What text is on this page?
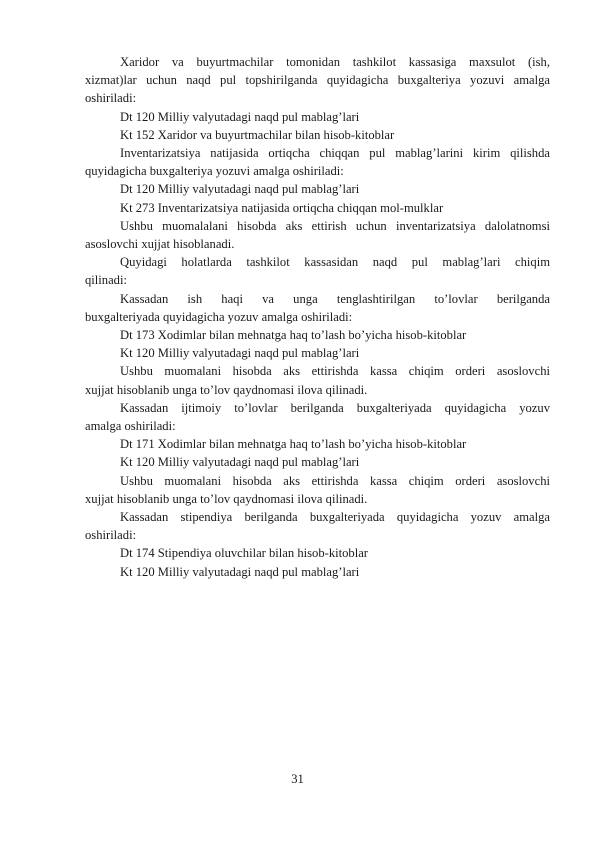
Xaridor va buyurtmachilar tomonidan tashkilot kassasiga maxsulot (ish,
xizmat)lar uchun naqd pul topshirilganda quyidagicha buxgalteriya yozuvi amalga
oshiriladi:
Dt 120 Milliy valyutadagi naqd pul mablag’lari
Kt 152 Xaridor va buyurtmachilar bilan hisob-kitoblar
Inventarizatsiya natijasida ortiqcha chiqqan pul mablag’larini kirim qilishda
quyidagicha buxgalteriya yozuvi amalga oshiriladi:
Dt 120 Milliy valyutadagi naqd pul mablag’lari
Kt 273 Inventarizatsiya natijasida ortiqcha chiqqan mol-mulklar
Ushbu muomalalani hisobda aks ettirish uchun inventarizatsiya dalolatnomsi
asoslovchi xujjat hisoblanadi.
Quyidagi holatlarda tashkilot kassasidan naqd pul mablag’lari chiqim
qilinadi:
Kassadan ish haqi va unga tenglashtirilgan to’lovlar berilganda
buxgalteriyada quyidagicha yozuv amalga oshiriladi:
Dt 173 Xodimlar bilan mehnatga haq to’lash bo’yicha hisob-kitoblar
Kt 120 Milliy valyutadagi naqd pul mablag’lari
Ushbu muomalani hisobda aks ettirishda kassa chiqim orderi asoslovchi
xujjat hisoblanib unga to’lov qaydnomasi ilova qilinadi.
Kassadan ijtimoiy to’lovlar berilganda buxgalteriyada quyidagicha yozuv
amalga oshiriladi:
Dt 171 Xodimlar bilan mehnatga haq to’lash bo’yicha hisob-kitoblar
Kt 120 Milliy valyutadagi naqd pul mablag’lari
Ushbu muomalani hisobda aks ettirishda kassa chiqim orderi asoslovchi
xujjat hisoblanib unga to’lov qaydnomasi ilova qilinadi.
Kassadan stipendiya berilganda buxgalteriyada quyidagicha yozuv amalga
oshiriladi:
Dt 174 Stipendiya oluvchilar bilan hisob-kitoblar
Kt 120 Milliy valyutadagi naqd pul mablag’lari
31
